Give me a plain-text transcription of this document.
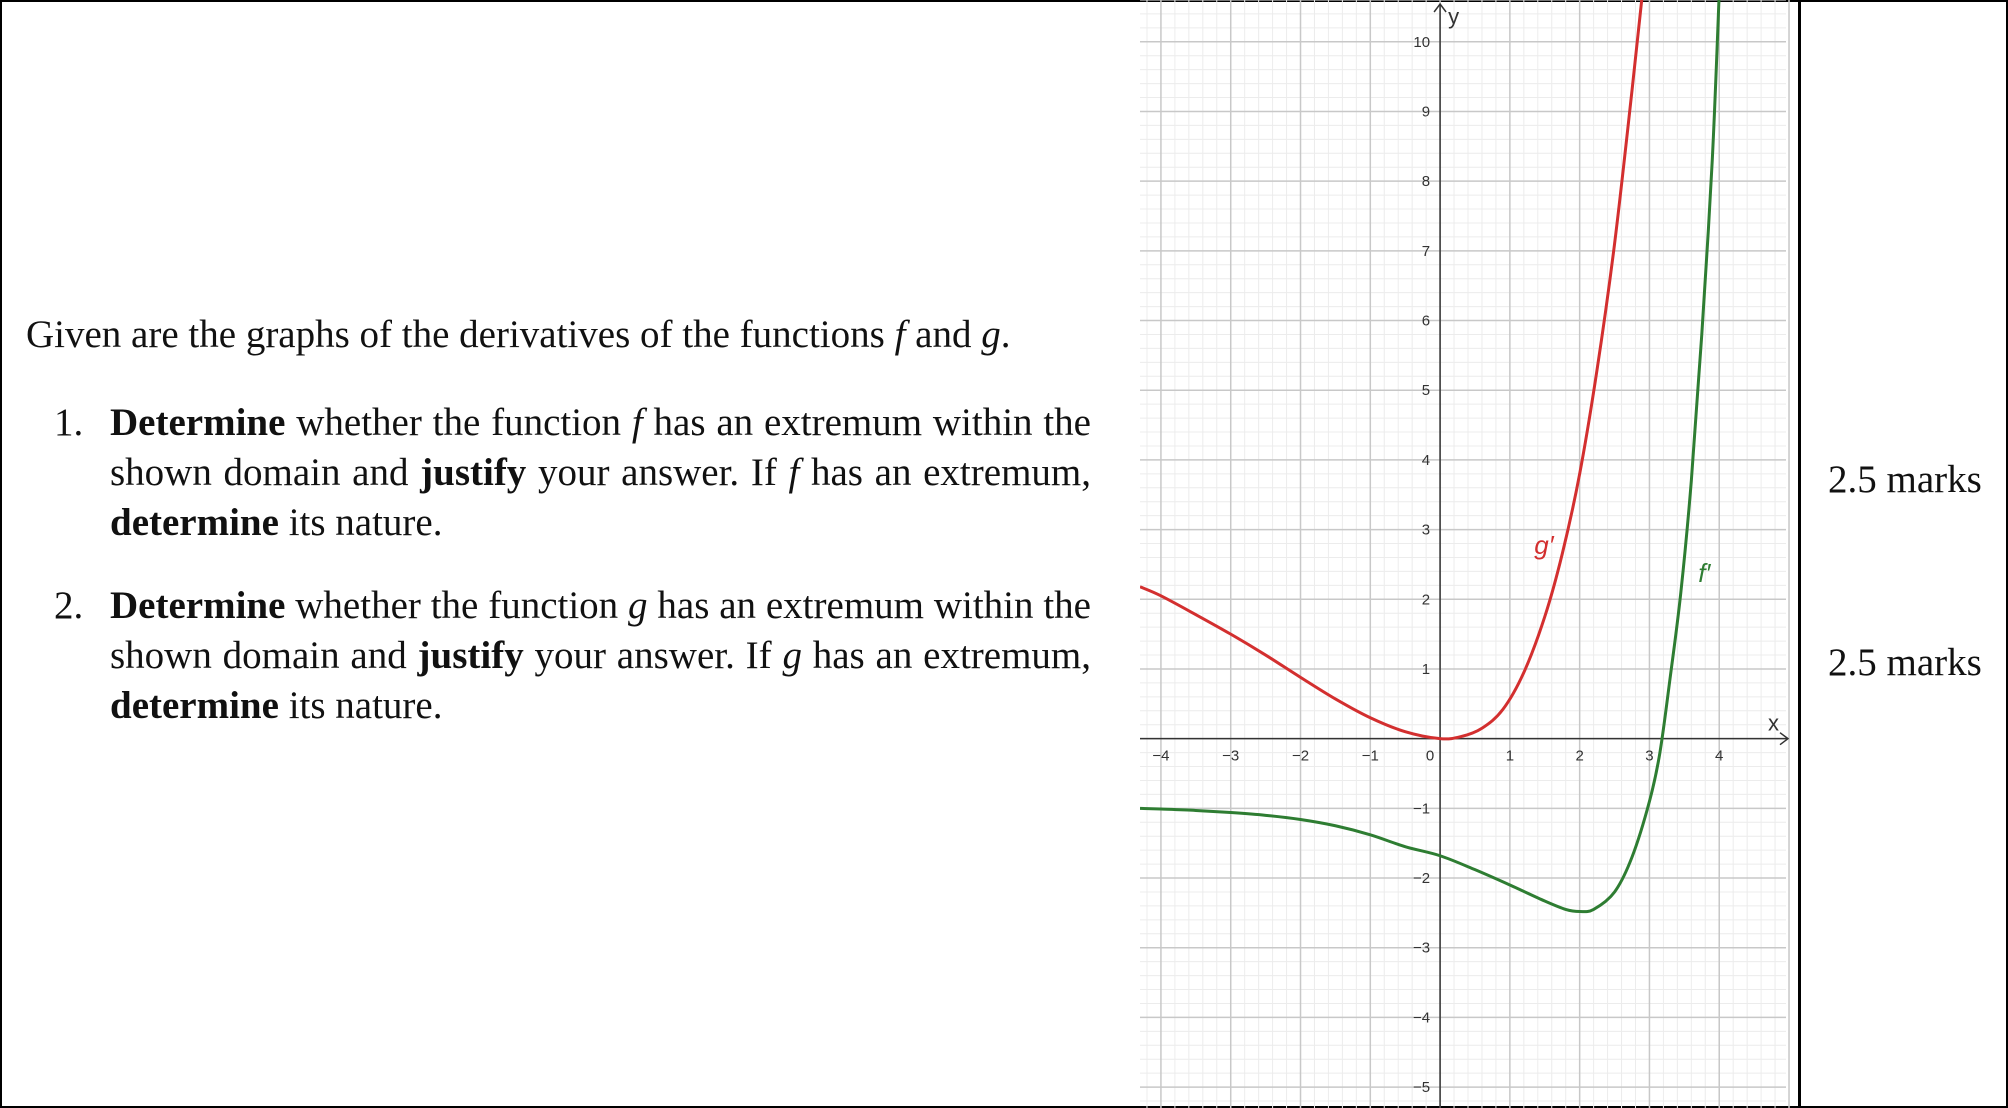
Given are the graphs of the derivatives of the functions f and g.

1. Determine whether the function f has an extremum within the shown domain and justify your answer. If f has an extremum, determine its nature.
2. Determine whether the function g has an extremum within the shown domain and justify your answer. If g has an extremum, determine its nature.
2.5 marks
2.5 marks
x
y
−4	−3	−2	−1	0	1	2	3	4
−5
−4
−3
−2
−1
1
2
3
4
5
6
7
8
9
10
g′
f′
